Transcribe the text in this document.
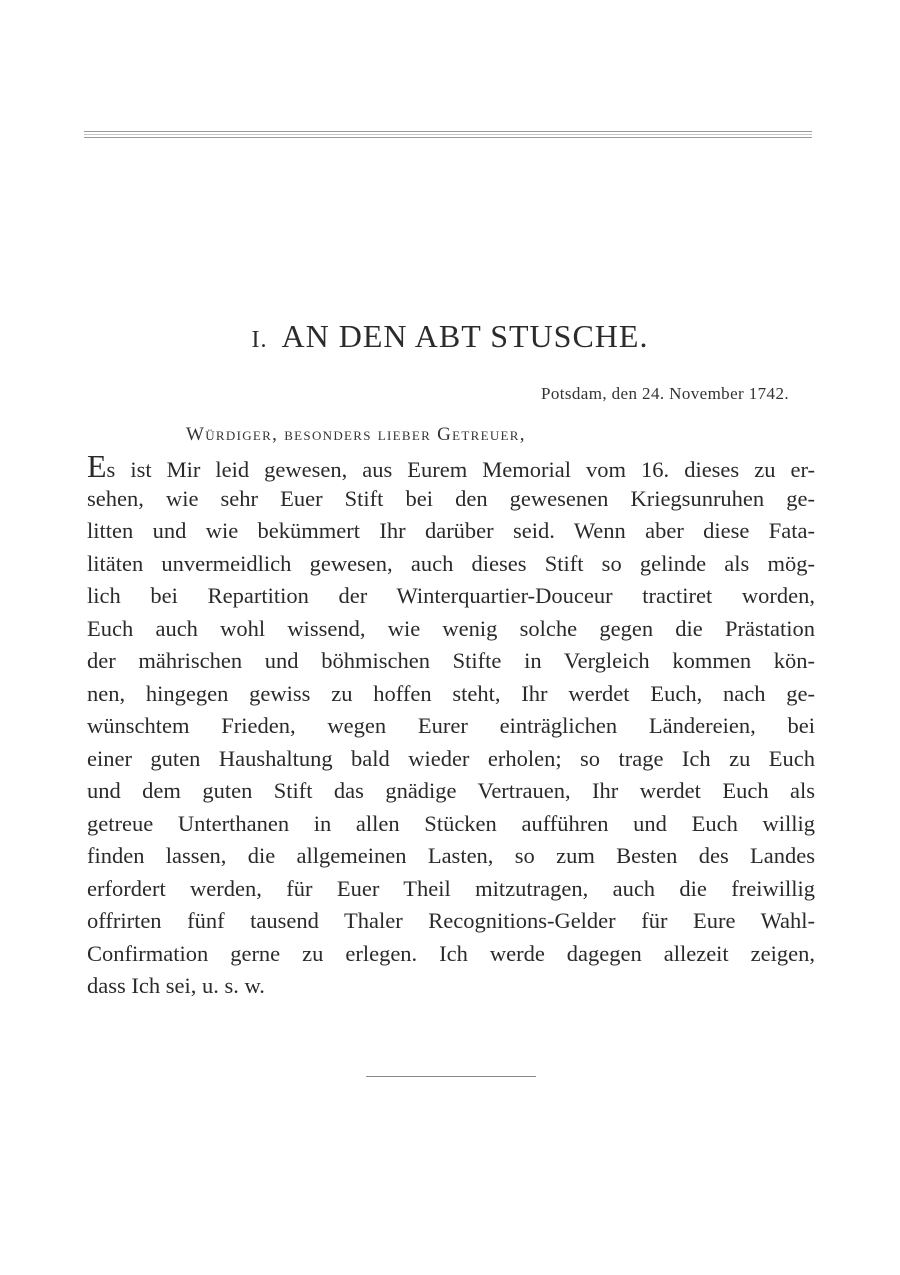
I. AN DEN ABT STUSCHE.
Potsdam, den 24. November 1742.
Würdiger, besonders lieber Getreuer,
Es ist Mir leid gewesen, aus Eurem Memorial vom 16. dieses zu er-
sehen, wie sehr Euer Stift bei den gewesenen Kriegsunruhen ge-
litten und wie bekümmert Ihr darüber seid. Wenn aber diese Fata-
litäten unvermeidlich gewesen, auch dieses Stift so gelinde als mög-
lich bei Repartition der Winterquartier-Douceur tractiret worden,
Euch auch wohl wissend, wie wenig solche gegen die Prästation
der mährischen und böhmischen Stifte in Vergleich kommen kön-
nen, hingegen gewiss zu hoffen steht, Ihr werdet Euch, nach ge-
wünschtem Frieden, wegen Eurer einträglichen Ländereien, bei
einer guten Haushaltung bald wieder erholen; so trage Ich zu Euch
und dem guten Stift das gnädige Vertrauen, Ihr werdet Euch als
getreue Unterthanen in allen Stücken aufführen und Euch willig
finden lassen, die allgemeinen Lasten, so zum Besten des Landes
erfordert werden, für Euer Theil mitzutragen, auch die freiwillig
offrirten fünf tausend Thaler Recognitions-Gelder für Eure Wahl-
Confirmation gerne zu erlegen. Ich werde dagegen allezeit zeigen,
dass Ich sei, u. s. w.
